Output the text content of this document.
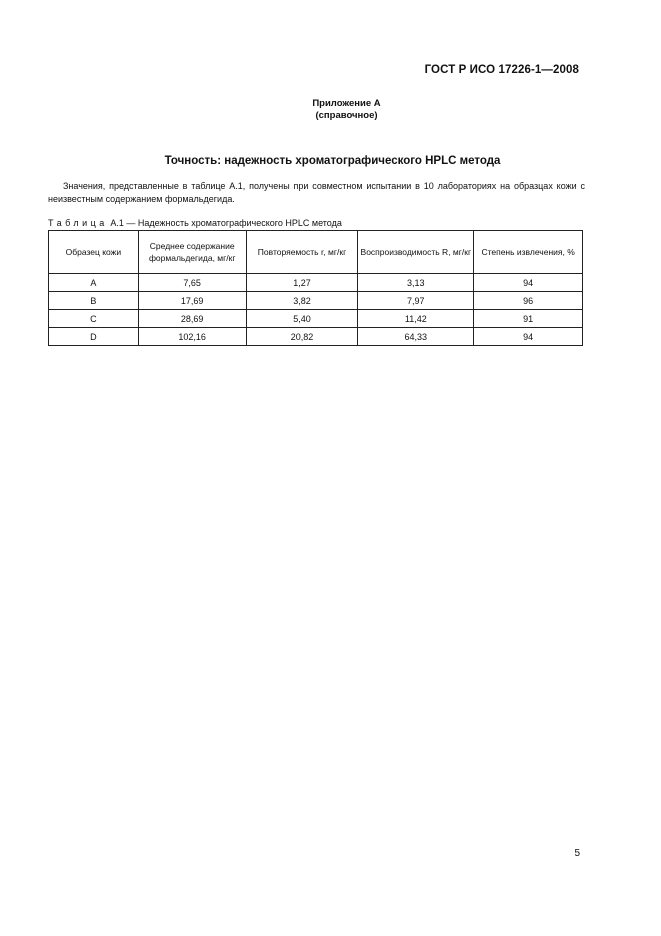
ГОСТ Р ИСО 17226-1—2008
Приложение А
(справочное)
Точность: надежность хроматографического HPLC метода
Значения, представленные в таблице А.1, получены при совместном испытании в 10 лабораториях на образцах кожи с неизвестным содержанием формальдегида.
Таблица А.1 — Надежность хроматографического HPLC метода
Образец кожи	Среднее содержание формальдегида, мг/кг	Повторяемость r, мг/кг	Воспроизводимость R, мг/кг	Степень извлечения, %
A	7,65	1,27	3,13	94
B	17,69	3,82	7,97	96
C	28,69	5,40	11,42	91
D	102,16	20,82	64,33	94
5
